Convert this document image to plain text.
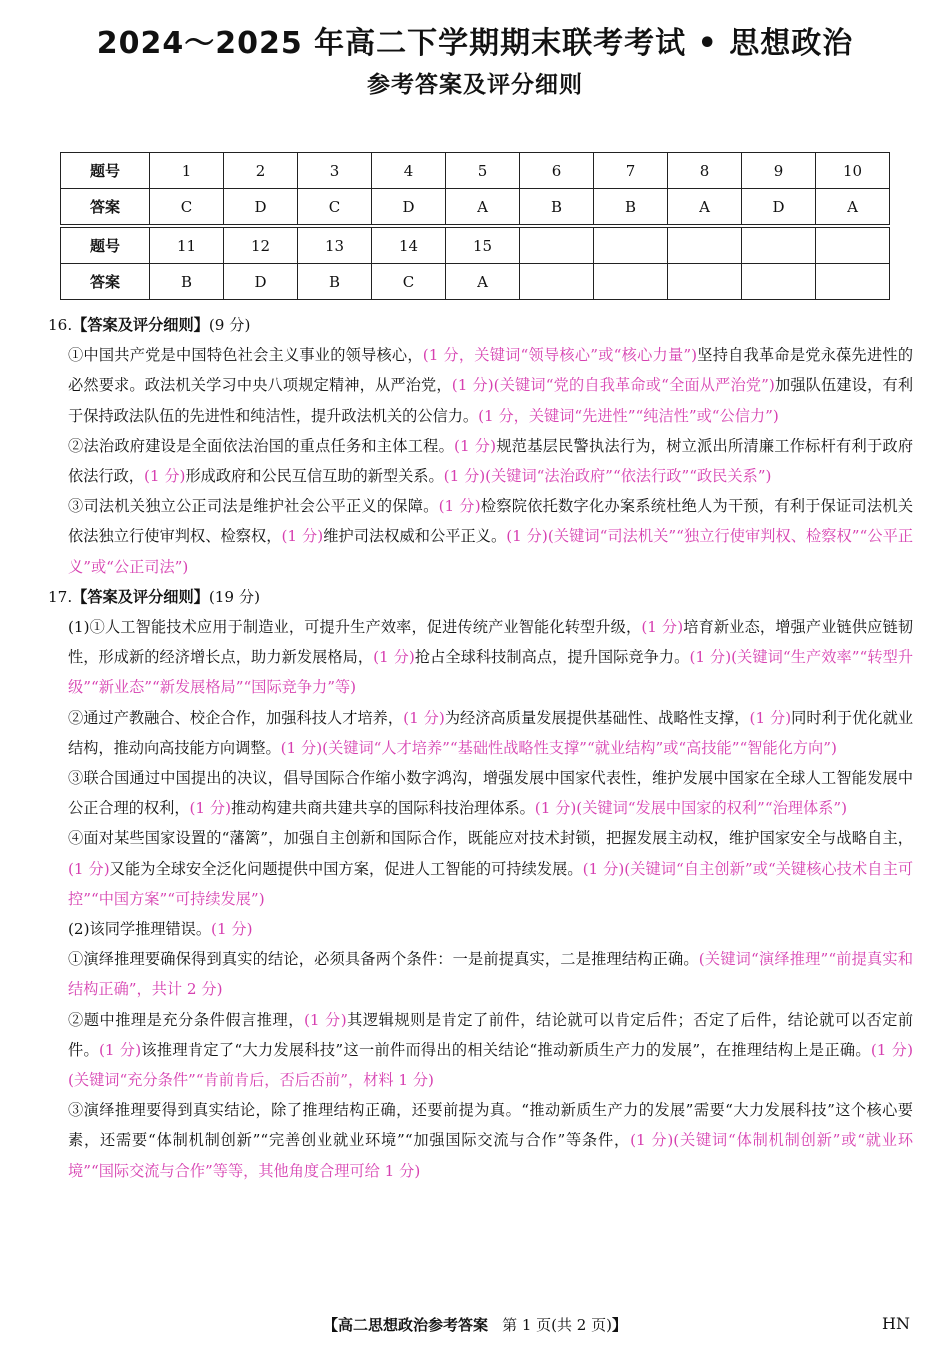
2024～2025 年高二下学期期末联考考试 • 思想政治
参考答案及评分细则
题号	1	2	3	4	5	6	7	8	9	10
答案	C	D	C	D	A	B	B	A	D	A
题号	11	12	13	14	15					
答案	B	D	B	C	A					

16.【答案及评分细则】(9 分)

①中国共产党是中国特色社会主义事业的领导核心，(1 分，关键词“领导核心”或“核心力量”)坚持自我革命是党永葆先进性的必然要求。政法机关学习中央八项规定精神，从严治党，(1 分)(关键词“党的自我革命或“全面从严治党”)加强队伍建设，有利于保持政法队伍的先进性和纯洁性，提升政法机关的公信力。(1 分，关键词“先进性”“纯洁性”或“公信力”)

②法治政府建设是全面依法治国的重点任务和主体工程。(1 分)规范基层民警执法行为，树立派出所清廉工作标杆有利于政府依法行政，(1 分)形成政府和公民互信互助的新型关系。(1 分)(关键词“法治政府”“依法行政”“政民关系”)

③司法机关独立公正司法是维护社会公平正义的保障。(1 分)检察院依托数字化办案系统杜绝人为干预，有利于保证司法机关依法独立行使审判权、检察权，(1 分)维护司法权威和公平正义。(1 分)(关键词“司法机关”“独立行使审判权、检察权”“公平正义”或“公正司法”)

17.【答案及评分细则】(19 分)

(1)①人工智能技术应用于制造业，可提升生产效率，促进传统产业智能化转型升级，(1 分)培育新业态，增强产业链供应链韧性，形成新的经济增长点，助力新发展格局，(1 分)抢占全球科技制高点，提升国际竞争力。(1 分)(关键词“生产效率”“转型升级”“新业态”“新发展格局”“国际竞争力”等)

②通过产教融合、校企合作，加强科技人才培养，(1 分)为经济高质量发展提供基础性、战略性支撑，(1 分)同时利于优化就业结构，推动向高技能方向调整。(1 分)(关键词“人才培养”“基础性战略性支撑”“就业结构”或“高技能”“智能化方向”)

③联合国通过中国提出的决议，倡导国际合作缩小数字鸿沟，增强发展中国家代表性，维护发展中国家在全球人工智能发展中公正合理的权利，(1 分)推动构建共商共建共享的国际科技治理体系。(1 分)(关键词“发展中国家的权利”“治理体系”)

④面对某些国家设置的“藩篱”，加强自主创新和国际合作，既能应对技术封锁，把握发展主动权，维护国家安全与战略自主，(1 分)又能为全球安全泛化问题提供中国方案，促进人工智能的可持续发展。(1 分)(关键词“自主创新”或“关键核心技术自主可控”“中国方案”“可持续发展”)

(2)该同学推理错误。(1 分)

①演绎推理要确保得到真实的结论，必须具备两个条件：一是前提真实，二是推理结构正确。(关键词“演绎推理”“前提真实和结构正确”，共计 2 分)

②题中推理是充分条件假言推理，(1 分)其逻辑规则是肯定了前件，结论就可以肯定后件；否定了后件，结论就可以否定前件。(1 分)该推理肯定了“大力发展科技”这一前件而得出的相关结论“推动新质生产力的发展”，在推理结构上是正确。(1 分)(关键词“充分条件”“肯前肯后，否后否前”，材料 1 分)

③演绎推理要得到真实结论，除了推理结构正确，还要前提为真。“推动新质生产力的发展”需要“大力发展科技”这个核心要素，还需要“体制机制创新”“完善创业就业环境”“加强国际交流与合作”等条件，(1 分)(关键词“体制机制创新”或“就业环境”“国际交流与合作”等等，其他角度合理可给 1 分)

【高二思想政治参考答案 第 1 页(共 2 页)】	HN
